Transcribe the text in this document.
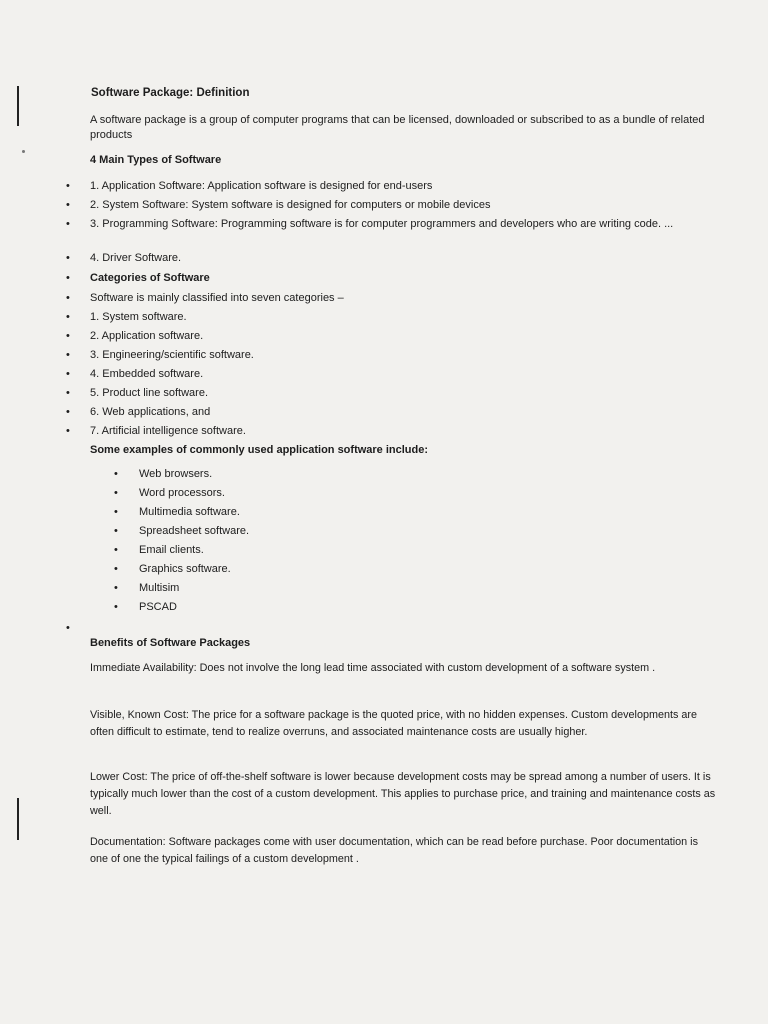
Software Package: Definition
A software package is a group of computer programs that can be licensed, downloaded or subscribed to as a bundle of related products
4 Main Types of Software
• 1. Application Software: Application software is designed for end-users
• 2. System Software: System software is designed for computers or mobile devices
• 3. Programming Software: Programming software is for computer programmers and developers who are writing code. ...
• 4. Driver Software.
• Categories of Software
• Software is mainly classified into seven categories –
• 1. System software.
• 2. Application software.
• 3. Engineering/scientific software.
• 4. Embedded software.
• 5. Product line software.
• 6. Web applications, and
• 7. Artificial intelligence software.
Some examples of commonly used application software include:
• Web browsers.
• Word processors.
• Multimedia software.
• Spreadsheet software.
• Email clients.
• Graphics software.
• Multisim
• PSCAD
•
Benefits of Software Packages
Immediate Availability: Does not involve the long lead time associated with custom development of a software system .
Visible, Known Cost: The price for a software package is the quoted price, with no hidden expenses. Custom developments are often difficult to estimate, tend to realize overruns, and associated maintenance costs are usually higher.
Lower Cost: The price of off-the-shelf software is lower because development costs may be spread among a number of users. It is typically much lower than the cost of a custom development. This applies to purchase price, and training and maintenance costs as well.
Documentation: Software packages come with user documentation, which can be read before purchase. Poor documentation is one of one the typical failings of a custom development .
